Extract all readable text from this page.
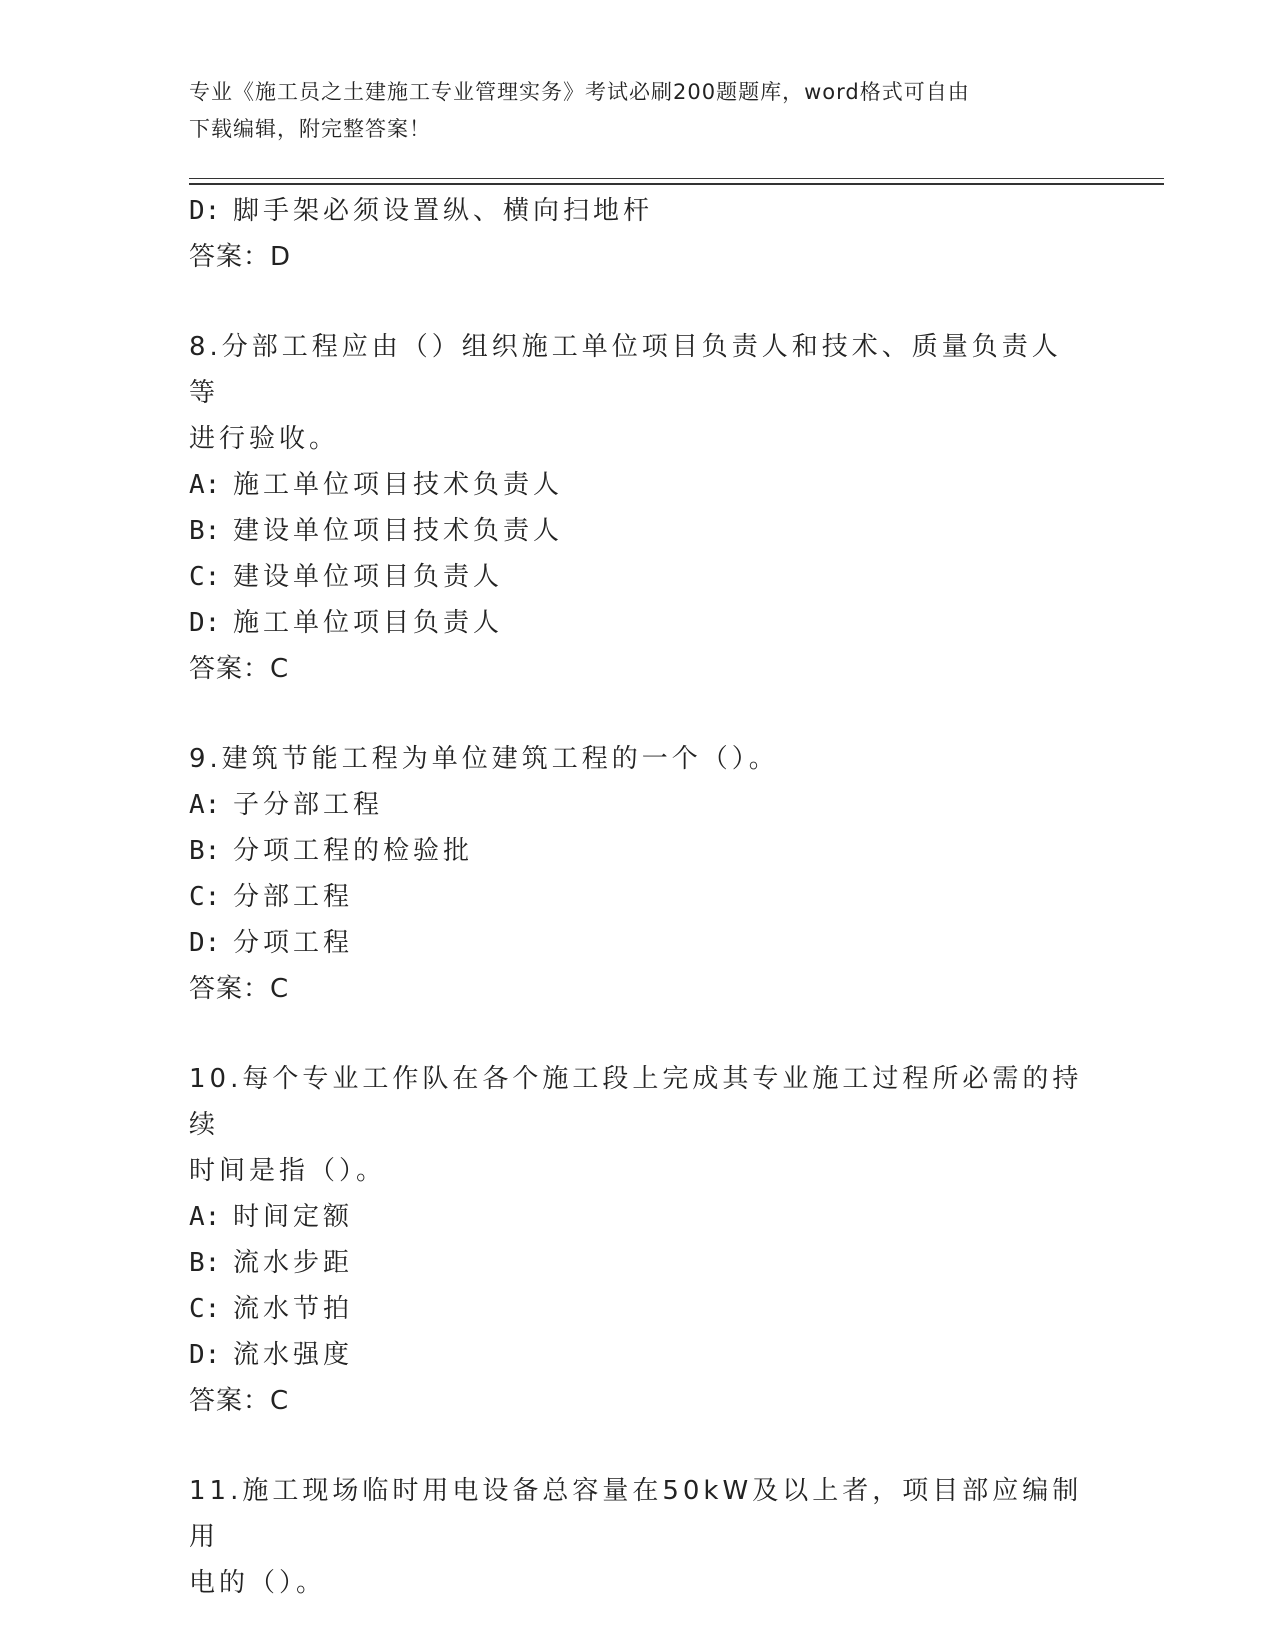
专业《施工员之土建施工专业管理实务》考试必刷200题题库，word格式可自由
下载编辑，附完整答案！
D: 脚手架必须设置纵、横向扫地杆
答案：D
8.分部工程应由（）组织施工单位项目负责人和技术、质量负责人等
进行验收。
A: 施工单位项目技术负责人
B: 建设单位项目技术负责人
C: 建设单位项目负责人
D: 施工单位项目负责人
答案：C
9.建筑节能工程为单位建筑工程的一个（）。
A: 子分部工程
B: 分项工程的检验批
C: 分部工程
D: 分项工程
答案：C
10.每个专业工作队在各个施工段上完成其专业施工过程所必需的持续
时间是指（）。
A: 时间定额
B: 流水步距
C: 流水节拍
D: 流水强度
答案：C
11.施工现场临时用电设备总容量在50kW及以上者，项目部应编制用
电的（）。
